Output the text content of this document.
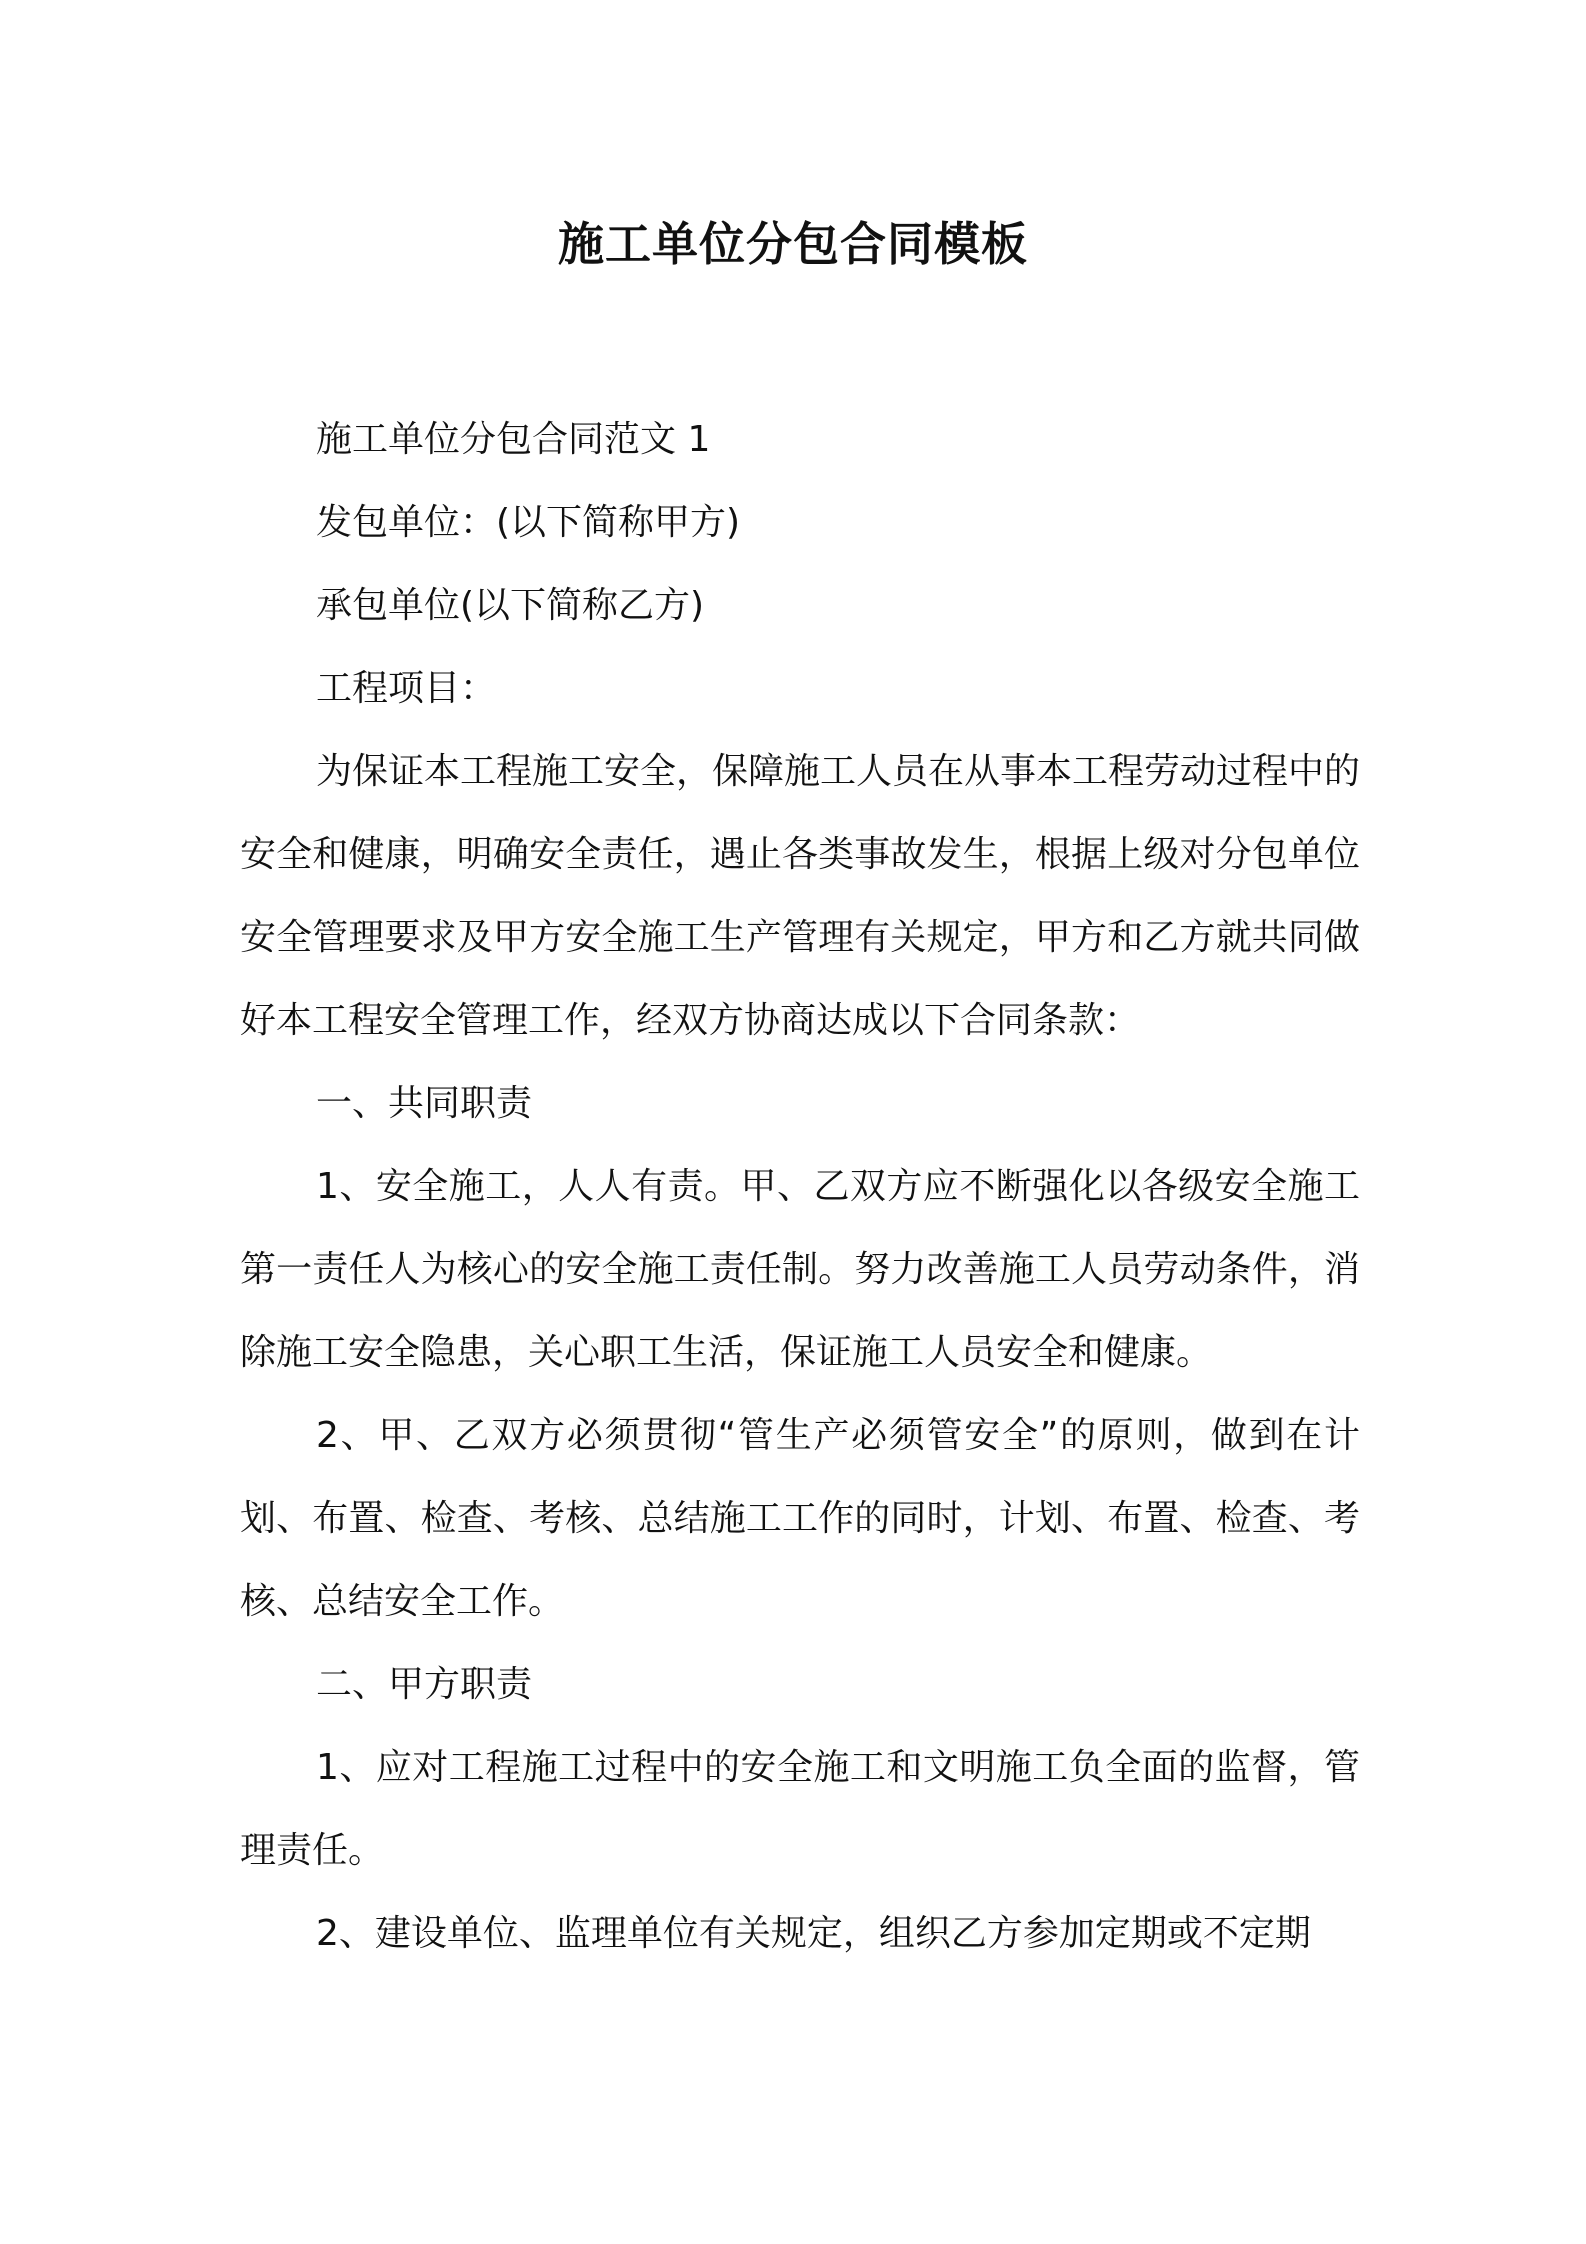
施工单位分包合同模板
施工单位分包合同范文 1
发包单位：(以下简称甲方)
承包单位(以下简称乙方)
工程项目：

为保证本工程施工安全，保障施工人员在从事本工程劳动过程中的安全和健康，明确安全责任，遇止各类事故发生，根据上级对分包单位安全管理要求及甲方安全施工生产管理有关规定，甲方和乙方就共同做好本工程安全管理工作，经双方协商达成以下合同条款：

一、共同职责

1、安全施工，人人有责。甲、乙双方应不断强化以各级安全施工第一责任人为核心的安全施工责任制。努力改善施工人员劳动条件，消除施工安全隐患，关心职工生活，保证施工人员安全和健康。

2、甲、乙双方必须贯彻“管生产必须管安全”的原则，做到在计划、布置、检查、考核、总结施工工作的同时，计划、布置、检查、考核、总结安全工作。

二、甲方职责

1、应对工程施工过程中的安全施工和文明施工负全面的监督，管理责任。

2、建设单位、监理单位有关规定，组织乙方参加定期或不定期
